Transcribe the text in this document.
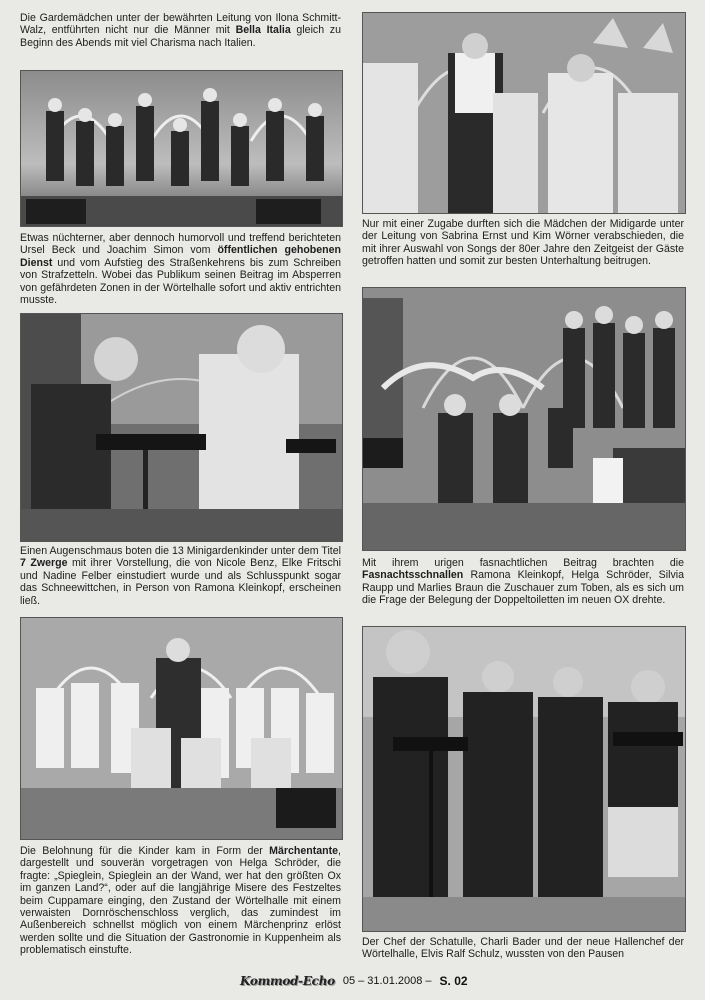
Die Gardemädchen unter der bewährten Leitung von Ilona Schmitt-Walz, entführten nicht nur die Männer mit Bella Italia gleich zu Beginn des Abends mit viel Charisma nach Italien.

Etwas nüchterner, aber dennoch humorvoll und treffend berichteten Ursel Beck und Joachim Simon vom öffentlichen gehobenen Dienst und vom Aufstieg des Straßenkehrens bis zum Schreiben von Strafzetteln. Wobei das Publikum seinen Beitrag im Absperren von gefährdeten Zonen in der Wörtelhalle sofort und aktiv entrichten musste.

Einen Augenschmaus boten die 13 Minigardenkinder unter dem Titel 7 Zwerge mit ihrer Vorstellung, die von Nicole Benz, Elke Fritschi und Nadine Felber einstudiert wurde und als Schlusspunkt sogar das Schneewittchen, in Person von Ramona Kleinkopf, erscheinen ließ.

Die Belohnung für die Kinder kam in Form der Märchentante, dargestellt und souverän vorgetragen von Helga Schröder, die fragte: „Spieglein, Spieglein an der Wand, wer hat den größten Ox im ganzen Land?“, oder auf die langjährige Misere des Festzeltes beim Cuppamare einging, den Zustand der Wörtelhalle mit einem verwaisten Dornröschenschloss verglich, das zumindest im Außenbereich schnellst möglich von einem Märchenprinz erlöst werden sollte und die Situation der Gastronomie in Kuppenheim als problematisch einstufte.

Nur mit einer Zugabe durften sich die Mädchen der Midigarde unter der Leitung von Sabrina Ernst und Kim Wörner verabschieden, die mit ihrer Auswahl von Songs der 80er Jahre den Zeitgeist der Gäste getroffen hatten und somit zur besten Unterhaltung beitrugen.

Mit ihrem urigen fasnachtlichen Beitrag brachten die Fasnachtsschnallen Ramona Kleinkopf, Helga Schröder, Silvia Raupp und Marlies Braun die Zuschauer zum Toben, als es sich um die Frage der Belegung der Doppeltoiletten im neuen OX drehte.

Der Chef der Schatulle, Charli Bader und der neue Hallenchef der Wörtelhalle, Elvis Ralf Schulz, wussten von den Pausen

Kommod-Echo 05 – 31.01.2008 – S. 02
